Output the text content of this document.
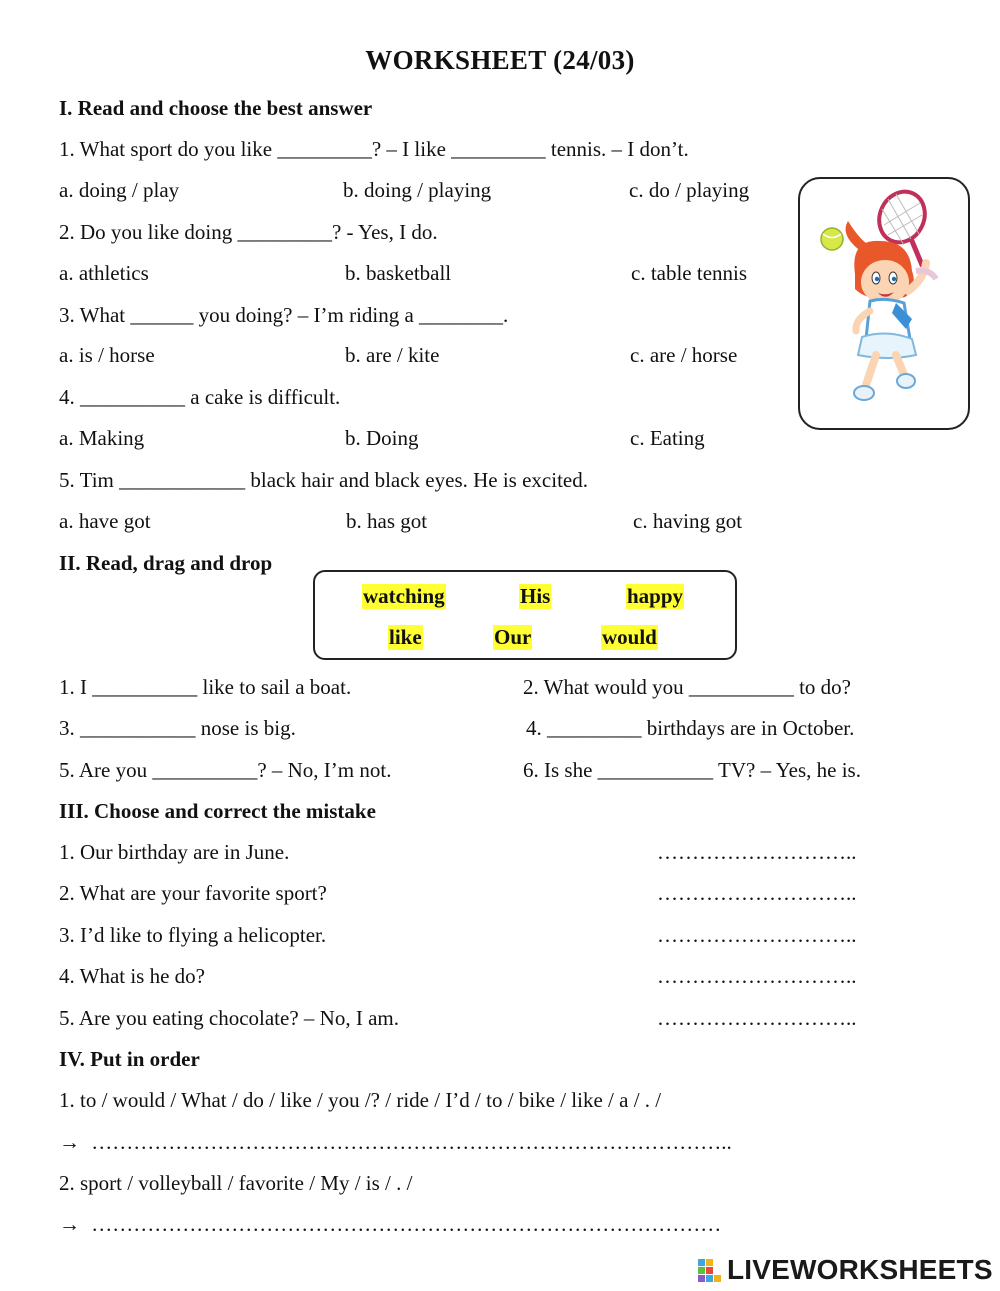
WORKSHEET (24/03)
I. Read and choose the best answer
1. What sport do you like _________? – I like _________ tennis. – I don’t.
a. doing / play	b. doing / playing	c. do / playing
2. Do you like doing _________? - Yes, I do.
a. athletics	b. basketball	c. table tennis
3. What ______ you doing? – I’m riding a ________.
a. is / horse	b. are / kite	c. are / horse
4. __________ a cake is difficult.
a. Making	b. Doing	c. Eating
5. Tim ____________ black hair and black eyes. He is excited.
a. have got	b. has got	c. having got
II. Read, drag and drop
watching	His	happy
like	Our	would
1. I __________ like to sail a boat.	2. What would you __________ to do?
3. ___________ nose is big.	4. _________ birthdays are in October.
5. Are you __________? – No, I’m not.	6. Is she ___________ TV? – Yes, he is.
III. Choose and correct the mistake
1. Our birthday are in June.	………………………..
2. What are your favorite sport?	………………………..
3. I’d like to flying a helicopter.	………………………..
4. What is he do?	………………………..
5. Are you eating chocolate? – No, I am.	………………………..
IV. Put in order
1. to / would / What / do / like / you /? / ride / I’d / to / bike / like / a / . /
→ ………………………………………………………………………………..
2. sport / volleyball / favorite / My / is / . /
→ ………………………………………………………………………………
LIVEWORKSHEETS
